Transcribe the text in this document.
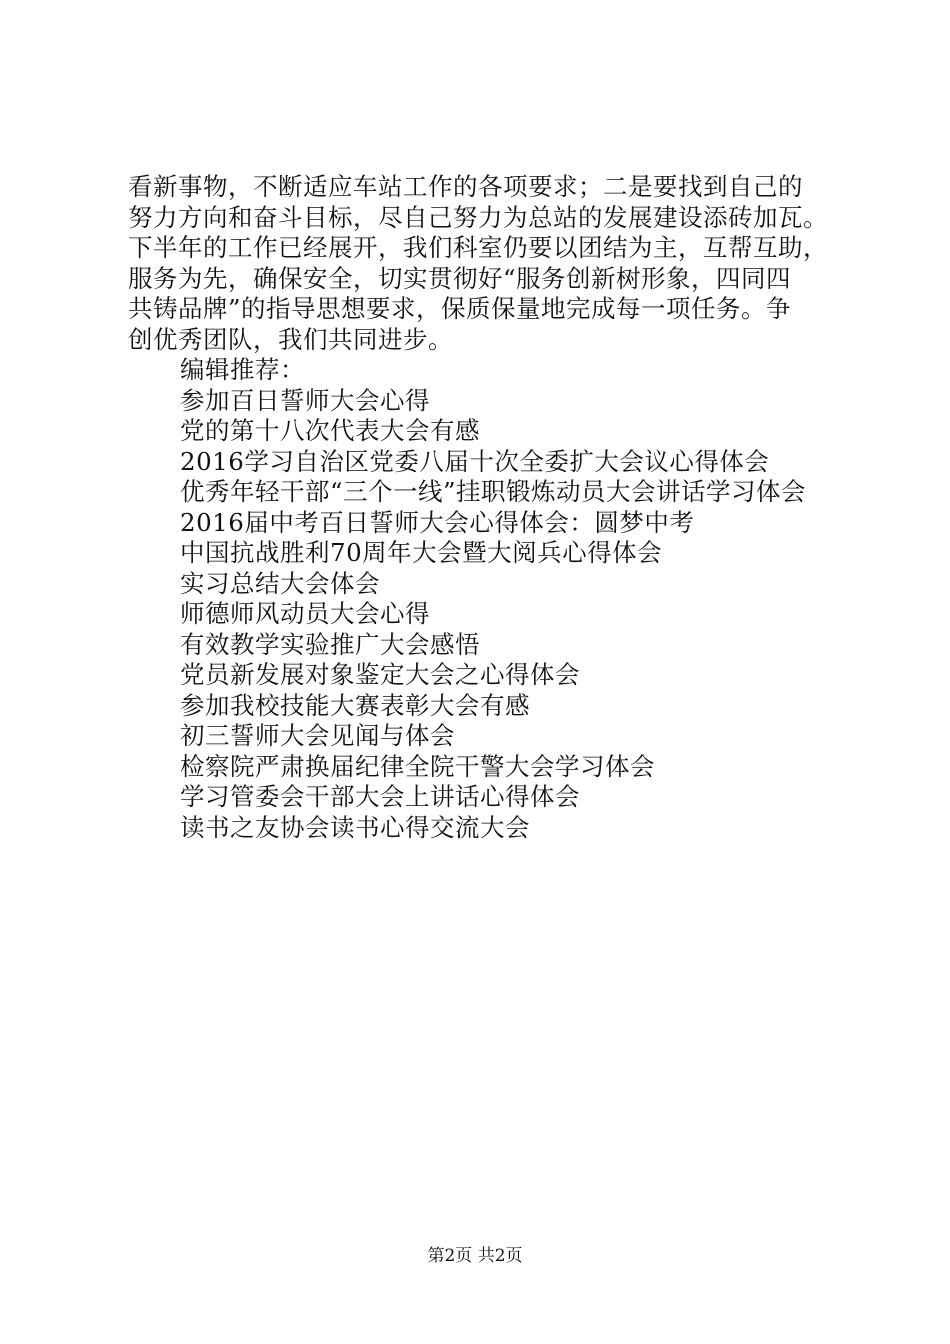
看新事物，不断适应车站工作的各项要求；二是要找到自己的
努力方向和奋斗目标，尽自己努力为总站的发展建设添砖加瓦。
下半年的工作已经展开，我们科室仍要以团结为主，互帮互助，
服务为先，确保安全，切实贯彻好“服务创新树形象，四同四
共铸品牌”的指导思想要求，保质保量地完成每一项任务。争
创优秀团队，我们共同进步。
编辑推荐：
参加百日誓师大会心得
党的第十八次代表大会有感
2016学习自治区党委八届十次全委扩大会议心得体会
优秀年轻干部“三个一线”挂职锻炼动员大会讲话学习体会
2016届中考百日誓师大会心得体会：圆梦中考
中国抗战胜利70周年大会暨大阅兵心得体会
实习总结大会体会
师德师风动员大会心得
有效教学实验推广大会感悟
党员新发展对象鉴定大会之心得体会
参加我校技能大赛表彰大会有感
初三誓师大会见闻与体会
检察院严肃换届纪律全院干警大会学习体会
学习管委会干部大会上讲话心得体会
读书之友协会读书心得交流大会
第2页 共2页
